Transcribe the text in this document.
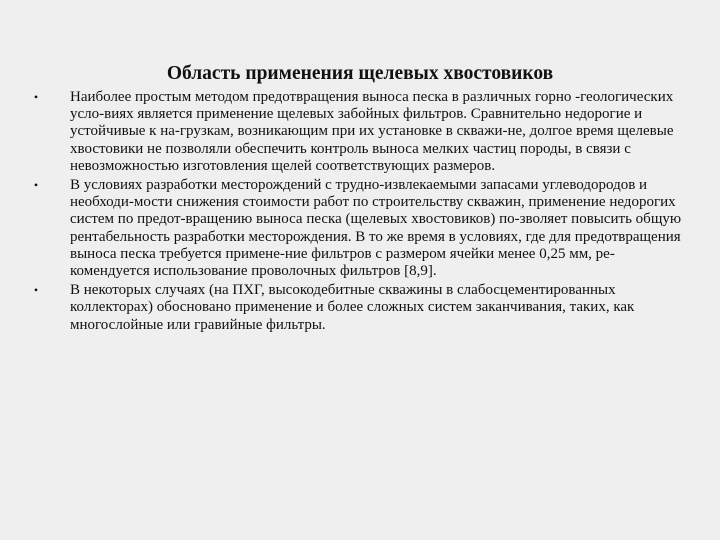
Область применения щелевых хвостовиков
• Наиболее простым методом предотвращения выноса песка в различных горно -геологических усло-виях является применение щелевых забойных фильтров. Сравнительно недорогие и устойчивые к на-грузкам, возникающим при их установке в скважи-не, долгое время щелевые хвостовики не позволяли обеспечить контроль выноса мелких частиц породы, в связи с невозможностью изготовления щелей соответствующих размеров.
• В условиях разработки месторождений с трудно-извлекаемыми запасами углеводородов и необходи-мости снижения стоимости работ по строительству скважин, применение недорогих систем по предот-вращению выноса песка (щелевых хвостовиков) по-зволяет повысить общую рентабельность разработки месторождения. В то же время в условиях, где для предотвращения выноса песка требуется примене-ние фильтров с размером ячейки менее 0,25 мм, ре-комендуется использование проволочных фильтров [8,9].
• В некоторых случаях (на ПХГ, высокодебитные скважины в слабосцементированных коллекторах) обосновано применение и более сложных систем заканчивания, таких, как многослойные или гравийные фильтры.
